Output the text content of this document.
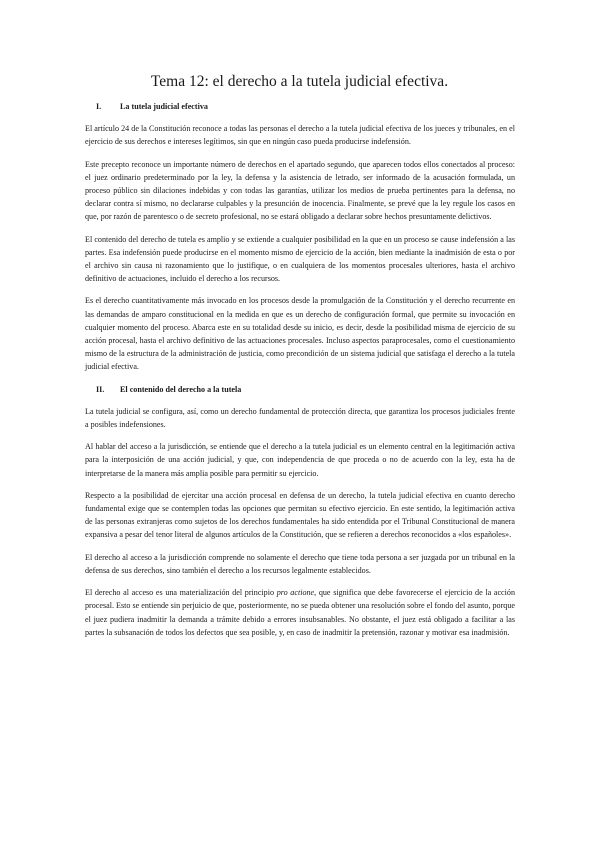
Tema 12: el derecho a la tutela judicial efectiva.
I. La tutela judicial efectiva

El artículo 24 de la Constitución reconoce a todas las personas el derecho a la tutela judicial efectiva de los jueces y tribunales, en el ejercicio de sus derechos e intereses legítimos, sin que en ningún caso pueda producirse indefensión.

Este precepto reconoce un importante número de derechos en el apartado segundo, que aparecen todos ellos conectados al proceso: el juez ordinario predeterminado por la ley, la defensa y la asistencia de letrado, ser informado de la acusación formulada, un proceso público sin dilaciones indebidas y con todas las garantías, utilizar los medios de prueba pertinentes para la defensa, no declarar contra sí mismo, no declararse culpables y la presunción de inocencia. Finalmente, se prevé que la ley regule los casos en que, por razón de parentesco o de secreto profesional, no se estará obligado a declarar sobre hechos presuntamente delictivos.

El contenido del derecho de tutela es amplio y se extiende a cualquier posibilidad en la que en un proceso se cause indefensión a las partes. Esa indefensión puede producirse en el momento mismo de ejercicio de la acción, bien mediante la inadmisión de esta o por el archivo sin causa ni razonamiento que lo justifique, o en cualquiera de los momentos procesales ulteriores, hasta el archivo definitivo de actuaciones, incluido el derecho a los recursos.

Es el derecho cuantitativamente más invocado en los procesos desde la promulgación de la Constitución y el derecho recurrente en las demandas de amparo constitucional en la medida en que es un derecho de configuración formal, que permite su invocación en cualquier momento del proceso. Abarca este en su totalidad desde su inicio, es decir, desde la posibilidad misma de ejercicio de su acción procesal, hasta el archivo definitivo de las actuaciones procesales. Incluso aspectos paraprocesales, como el cuestionamiento mismo de la estructura de la administración de justicia, como precondición de un sistema judicial que satisfaga el derecho a la tutela judicial efectiva.

II. El contenido del derecho a la tutela

La tutela judicial se configura, así, como un derecho fundamental de protección directa, que garantiza los procesos judiciales frente a posibles indefensiones.

Al hablar del acceso a la jurisdicción, se entiende que el derecho a la tutela judicial es un elemento central en la legitimación activa para la interposición de una acción judicial, y que, con independencia de que proceda o no de acuerdo con la ley, esta ha de interpretarse de la manera más amplia posible para permitir su ejercicio.

Respecto a la posibilidad de ejercitar una acción procesal en defensa de un derecho, la tutela judicial efectiva en cuanto derecho fundamental exige que se contemplen todas las opciones que permitan su efectivo ejercicio. En este sentido, la legitimación activa de las personas extranjeras como sujetos de los derechos fundamentales ha sido entendida por el Tribunal Constitucional de manera expansiva a pesar del tenor literal de algunos artículos de la Constitución, que se refieren a derechos reconocidos a «los españoles».

El derecho al acceso a la jurisdicción comprende no solamente el derecho que tiene toda persona a ser juzgada por un tribunal en la defensa de sus derechos, sino también el derecho a los recursos legalmente establecidos.

El derecho al acceso es una materialización del principio pro actione, que significa que debe favorecerse el ejercicio de la acción procesal. Esto se entiende sin perjuicio de que, posteriormente, no se pueda obtener una resolución sobre el fondo del asunto, porque el juez pudiera inadmitir la demanda a trámite debido a errores insubsanables. No obstante, el juez está obligado a facilitar a las partes la subsanación de todos los defectos que sea posible, y, en caso de inadmitir la pretensión, razonar y motivar esa inadmisión.
